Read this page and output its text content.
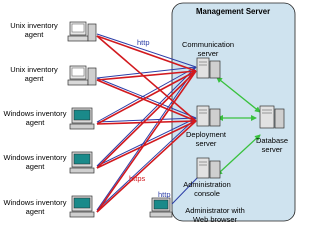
Management Server
Unix inventory agent
Unix inventory agent
Windows inventory agent
Windows inventory agent
Windows inventory agent
Communication server
Deployment server
Administration console
Database server
Administrator with Web browser
http
https
http
